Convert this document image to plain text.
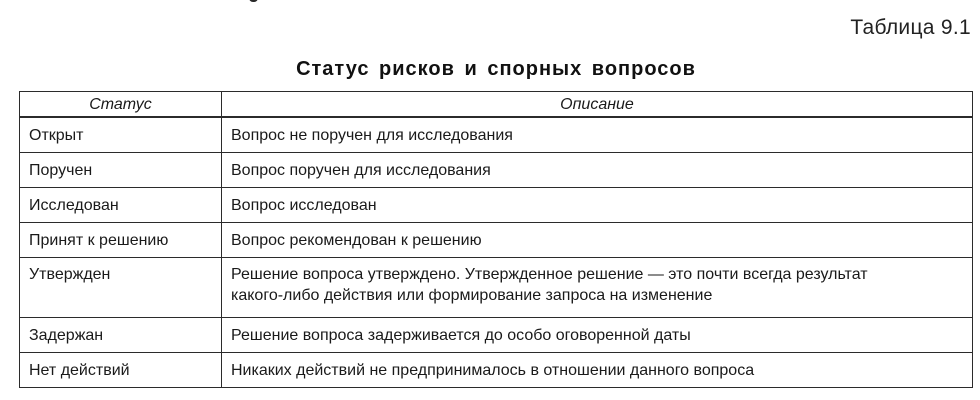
Таблица 9.1
Статус рисков и спорных вопросов
Статус	Описание
Открыт	Вопрос не поручен для исследования
Поручен	Вопрос поручен для исследования
Исследован	Вопрос исследован
Принят к решению	Вопрос рекомендован к решению
Утвержден	Решение вопроса утверждено. Утвержденное решение — это почти всегда результат
какого-либо действия или формирование запроса на изменение

Задержан	Решение вопроса задерживается до особо оговоренной даты
Нет действий	Никаких действий не предпринималось в отношении данного вопроса
